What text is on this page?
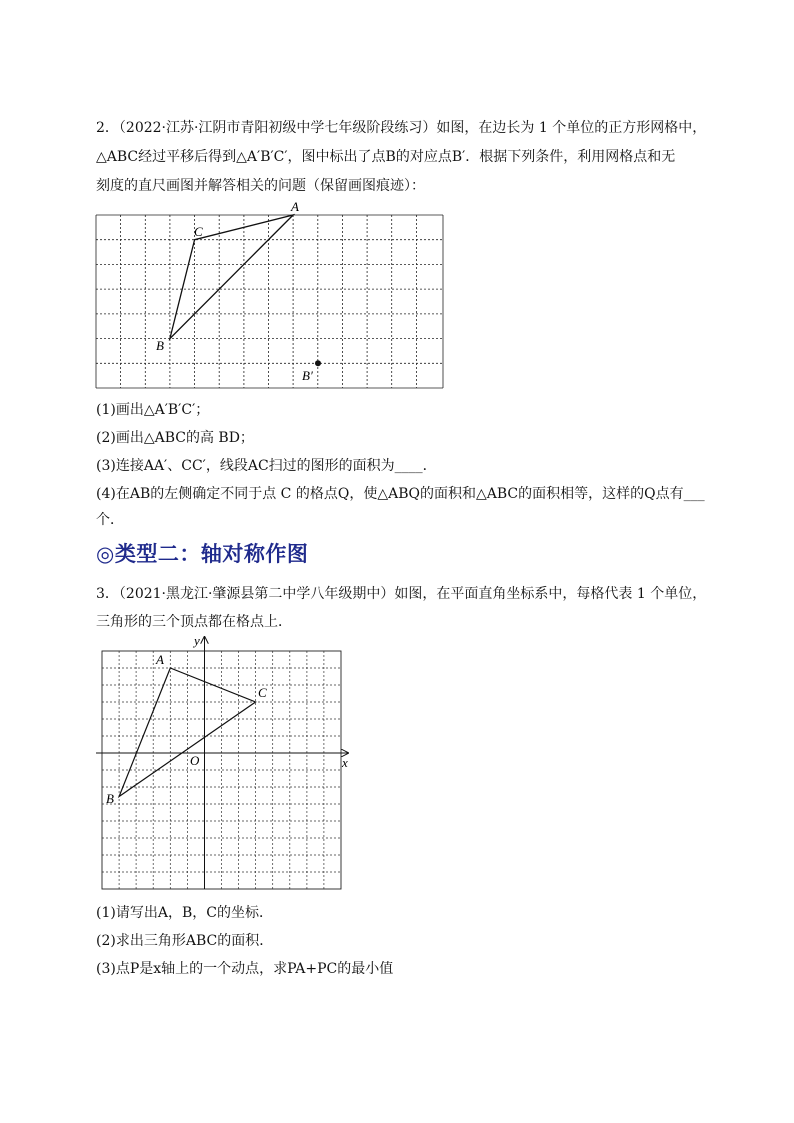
2．（2022·江苏·江阴市青阳初级中学七年级阶段练习）如图，在边长为 1 个单位的正方形网格中，
△ABC经过平移后得到△A′B′C′，图中标出了点B的对应点B′．根据下列条件，利用网格点和无
刻度的直尺画图并解答相关的问题（保留画图痕迹）：
A
C
B
B′
(1)画出△A′B′C′；
(2)画出△ABC的高 BD；
(3)连接AA′、CC′，线段AC扫过的图形的面积为____．
(4)在AB的左侧确定不同于点 C 的格点Q，使△ABQ的面积和△ABC的面积相等，这样的Q点有___
个．
◎类型二：轴对称作图
3．（2021·黑龙江·肇源县第二中学八年级期中）如图，在平面直角坐标系中，每格代表 1 个单位，
三角形的三个顶点都在格点上．
A
B
C
O	x
y
(1)请写出A，B，C的坐标．
(2)求出三角形ABC的面积．
(3)点P是x轴上的一个动点，求PA+PC的最小值
